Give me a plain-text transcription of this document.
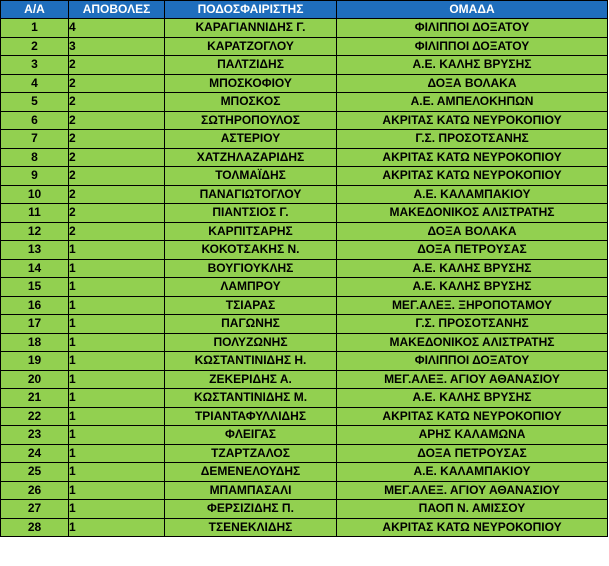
Α/Α	ΑΠΟΒΟΛΕΣ	ΠΟΔΟΣΦΑΙΡΙΣΤΗΣ	ΟΜΑΔΑ
1	4	ΚΑΡΑΓΙΑΝΝΙΔΗΣ Γ.	ΦΙΛΙΠΠΟΙ ΔΟΞΑΤΟΥ
2	3	ΚΑΡΑΤΖΟΓΛΟΥ	ΦΙΛΙΠΠΟΙ ΔΟΞΑΤΟΥ
3	2	ΠΑΛΤΖΙΔΗΣ	Α.Ε. ΚΑΛΗΣ ΒΡΥΣΗΣ
4	2	ΜΠΟΣΚΟΦΙΟΥ	ΔΟΞΑ ΒΟΛΑΚΑ
5	2	ΜΠΟΣΚΟΣ	Α.Ε. ΑΜΠΕΛΟΚΗΠΩΝ
6	2	ΣΩΤΗΡΟΠΟΥΛΟΣ	ΑΚΡΙΤΑΣ ΚΑΤΩ ΝΕΥΡΟΚΟΠΙΟΥ
7	2	ΑΣΤΕΡΙΟΥ	Γ.Σ. ΠΡΟΣΟΤΣΑΝΗΣ
8	2	ΧΑΤΖΗΛΑΖΑΡΙΔΗΣ	ΑΚΡΙΤΑΣ ΚΑΤΩ ΝΕΥΡΟΚΟΠΙΟΥ
9	2	ΤΟΛΜΑΪΔΗΣ	ΑΚΡΙΤΑΣ ΚΑΤΩ ΝΕΥΡΟΚΟΠΙΟΥ
10	2	ΠΑΝΑΓΙΩΤΟΓΛΟΥ	Α.Ε. ΚΑΛΑΜΠΑΚΙΟΥ
11	2	ΠΙΑΝΤΣΙΟΣ Γ.	ΜΑΚΕΔΟΝΙΚΟΣ ΑΛΙΣΤΡΑΤΗΣ
12	2	ΚΑΡΠΙΤΣΑΡΗΣ	ΔΟΞΑ ΒΟΛΑΚΑ
13	1	ΚΟΚΟΤΣΑΚΗΣ Ν.	ΔΟΞΑ ΠΕΤΡΟΥΣΑΣ
14	1	ΒΟΥΓΙΟΥΚΛΗΣ	Α.Ε. ΚΑΛΗΣ ΒΡΥΣΗΣ
15	1	ΛΑΜΠΡΟΥ	Α.Ε. ΚΑΛΗΣ ΒΡΥΣΗΣ
16	1	ΤΣΙΑΡΑΣ	ΜΕΓ.ΑΛΕΞ. ΞΗΡΟΠΟΤΑΜΟΥ
17	1	ΠΑΓΩΝΗΣ	Γ.Σ. ΠΡΟΣΟΤΣΑΝΗΣ
18	1	ΠΟΛΥΖΩΝΗΣ	ΜΑΚΕΔΟΝΙΚΟΣ ΑΛΙΣΤΡΑΤΗΣ
19	1	ΚΩΣΤΑΝΤΙΝΙΔΗΣ Η.	ΦΙΛΙΠΠΟΙ ΔΟΞΑΤΟΥ
20	1	ΖΕΚΕΡΙΔΗΣ Α.	ΜΕΓ.ΑΛΕΞ. ΑΓΙΟΥ ΑΘΑΝΑΣΙΟΥ
21	1	ΚΩΣΤΑΝΤΙΝΙΔΗΣ Μ.	Α.Ε. ΚΑΛΗΣ ΒΡΥΣΗΣ
22	1	ΤΡΙΑΝΤΑΦΥΛΛΙΔΗΣ	ΑΚΡΙΤΑΣ ΚΑΤΩ ΝΕΥΡΟΚΟΠΙΟΥ
23	1	ΦΛΕΙΓΑΣ	ΑΡΗΣ ΚΑΛΑΜΩΝΑ
24	1	ΤΖΑΡΤΖΑΛΟΣ	ΔΟΞΑ ΠΕΤΡΟΥΣΑΣ
25	1	ΔΕΜΕΝΕΛΟΥΔΗΣ	Α.Ε. ΚΑΛΑΜΠΑΚΙΟΥ
26	1	ΜΠΑΜΠΑΣΑΛΙ	ΜΕΓ.ΑΛΕΞ. ΑΓΙΟΥ ΑΘΑΝΑΣΙΟΥ
27	1	ΦΕΡΣΙΖΙΔΗΣ Π.	ΠΑΟΠ Ν. ΑΜΙΣΣΟΥ
28	1	ΤΣΕΝΕΚΛΙΔΗΣ	ΑΚΡΙΤΑΣ ΚΑΤΩ ΝΕΥΡΟΚΟΠΙΟΥ
